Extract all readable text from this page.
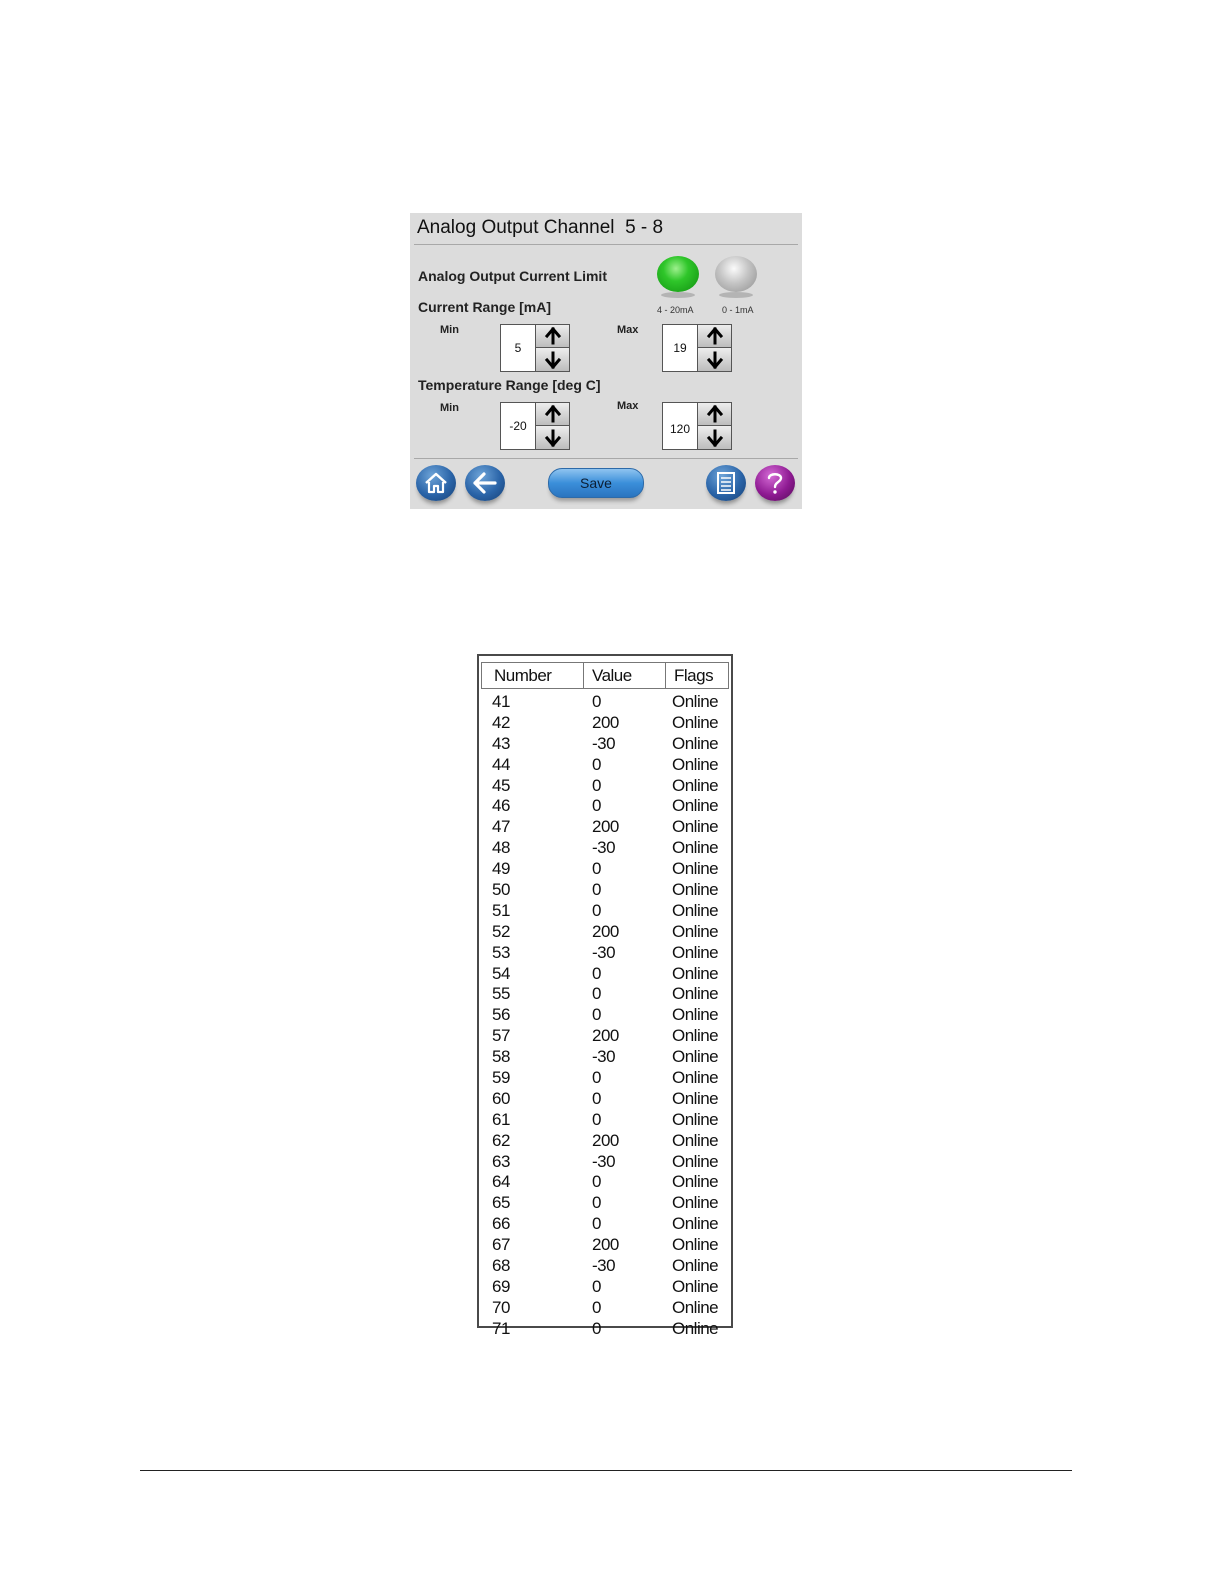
Analog Output Channel  5 - 8
Analog Output Current Limit
4 - 20mA	0 - 1mA
Current Range [mA]
Min
5
Max
19
Temperature Range [deg C]
Min
-20
Max
120
Save
Number Value Flags
41	0	Online
42	200	Online
43	-30	Online
44	0	Online
45	0	Online
46	0	Online
47	200	Online
48	-30	Online
49	0	Online
50	0	Online
51	0	Online
52	200	Online
53	-30	Online
54	0	Online
55	0	Online
56	0	Online
57	200	Online
58	-30	Online
59	0	Online
60	0	Online
61	0	Online
62	200	Online
63	-30	Online
64	0	Online
65	0	Online
66	0	Online
67	200	Online
68	-30	Online
69	0	Online
70	0	Online
71	0	Online
